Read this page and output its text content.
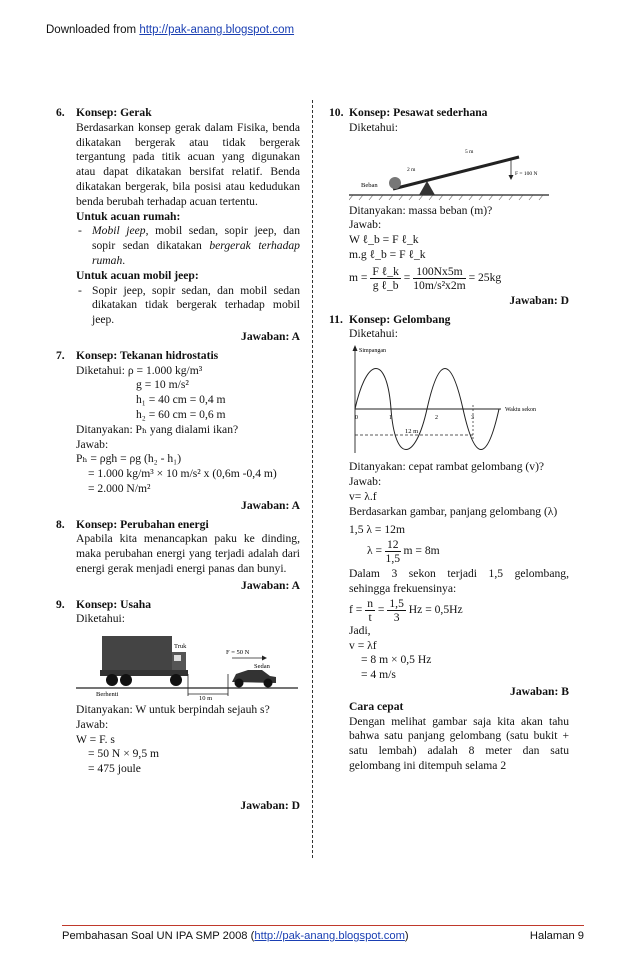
Downloaded from http://pak-anang.blogspot.com
6. Konsep: Gerak
Berdasarkan konsep gerak dalam Fisika, benda dikatakan bergerak atau tidak bergerak tergantung pada titik acuan yang digunakan atau dapat dikatakan bersifat relatif. Benda dikatakan bergerak, bila posisi atau kedudukan benda berubah terhadap acuan tertentu.
Untuk acuan rumah:
- Mobil jeep, mobil sedan, sopir jeep, dan sopir sedan dikatakan bergerak terhadap rumah.
Untuk acuan mobil jeep:
- Sopir jeep, sopir sedan, dan mobil sedan dikatakan tidak bergerak terhadap mobil jeep.
Jawaban: A
7. Konsep: Tekanan hidrostatis
Diketahui: ρ = 1.000 kg/m³
g = 10 m/s²
h₁ = 40 cm = 0,4 m
h₂ = 60 cm = 0,6 m
Ditanyakan: Pₕ yang dialami ikan?
Jawab:
Pₕ = ρgh = ρg (h₂ - h₁)
= 1.000 kg/m³ × 10 m/s² x (0,6m -0,4 m)
= 2.000 N/m²
Jawaban: A
8. Konsep: Perubahan energi
Apabila kita menancapkan paku ke dinding, maka perubahan energi yang terjadi adalah dari energi gerak menjadi energi panas dan bunyi.
Jawaban: A
9. Konsep: Usaha
Diketahui:
Truk
10 m
Berhenti
F = 50 N
Sedan
Ditanyakan: W untuk berpindah sejauh s?
Jawab:
W = F. s
= 50 N × 9,5 m
= 475 joule
Jawaban: D
10. Konsep: Pesawat sederhana
Diketahui:
Beban
2 m
5 m
F = 100 N
Ditanyakan: massa beban (m)?
Jawab:
W ℓ_b = F ℓ_k
m.g ℓ_b = F ℓ_k
$m = \frac{\text{F ℓ\_k}}{\text{g ℓ\_b}} = \frac{100Nx5m}{\text{10m/s²x2m}} = 25kg$
Jawaban: D
11. Konsep: Gelombang
Diketahui:
Simpangan
Waktu sekon
0	1	2	3
12 m
Ditanyakan: cepat rambat gelombang (v)?
Jawab:
v= λ.f
Berdasarkan gambar, panjang gelombang (λ)
1,5 λ = 12m
$\lambda = \frac{12}{1,5}$ m = 8m
Dalam 3 sekon terjadi 1,5 gelombang, sehingga frekuensinya:
$f = \frac{n}{t} = \frac{1,5}{3}$ Hz = 0,5Hz
Jadi,
v = λf
= 8 m × 0,5 Hz
= 4 m/s
Jawaban: B
Cara cepat
Dengan melihat gambar saja kita akan tahu bahwa satu panjang gelombang (satu bukit + satu lembah) adalah 8 meter dan satu gelombang ini ditempuh selama 2
Pembahasan Soal UN IPA SMP 2008 (http://pak-anang.blogspot.com)	Halaman 9
